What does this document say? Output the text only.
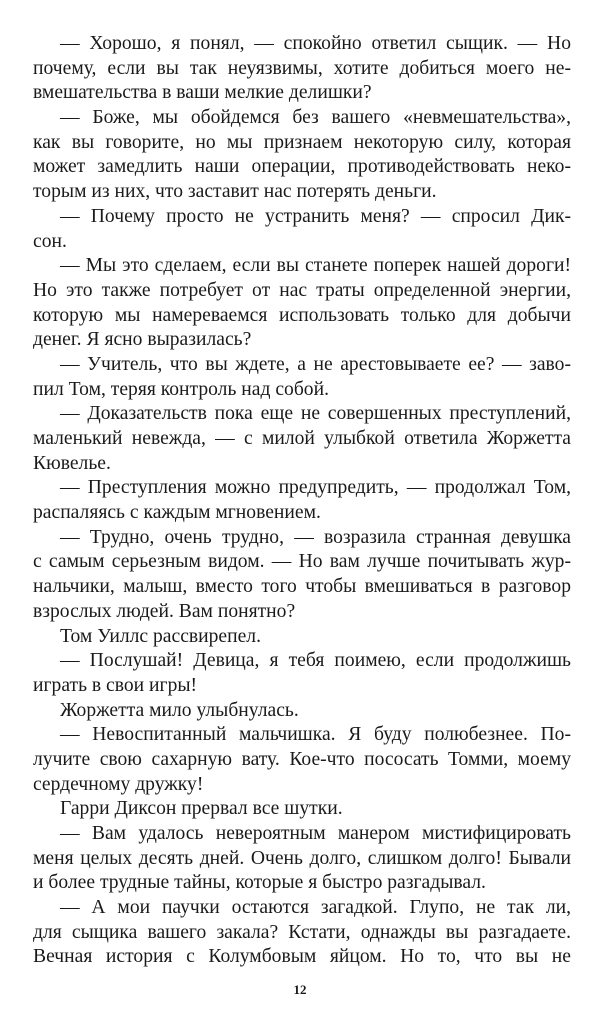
— Хорошо, я понял, — спокойно ответил сыщик. — Но
почему, если вы так неуязвимы, хотите добиться моего не-
вмешательства в ваши мелкие делишки?
— Боже, мы обойдемся без вашего «невмешательства»,
как вы говорите, но мы признаем некоторую силу, которая
может замедлить наши операции, противодействовать неко-
торым из них, что заставит нас потерять деньги.
— Почему просто не устранить меня? — спросил Дик-
сон.
— Мы это сделаем, если вы станете поперек нашей дороги!
Но это также потребует от нас траты определенной энергии,
которую мы намереваемся использовать только для добычи
денег. Я ясно выразилась?
— Учитель, что вы ждете, а не арестовываете ее? — заво-
пил Том, теряя контроль над собой.
— Доказательств пока еще не совершенных преступлений,
маленький невежда, — с милой улыбкой ответила Жоржетта
Кювелье.
— Преступления можно предупредить, — продолжал Том,
распаляясь с каждым мгновением.
— Трудно, очень трудно, — возразила странная девушка
с самым серьезным видом. — Но вам лучше почитывать жур-
нальчики, малыш, вместо того чтобы вмешиваться в разговор
взрослых людей. Вам понятно?
Том Уиллс рассвирепел.
— Послушай! Девица, я тебя поимею, если продолжишь
играть в свои игры!
Жоржетта мило улыбнулась.
— Невоспитанный мальчишка. Я буду полюбезнее. По-
лучите свою сахарную вату. Кое-что пососать Томми, моему
сердечному дружку!
Гарри Диксон прервал все шутки.
— Вам удалось невероятным манером мистифицировать
меня целых десять дней. Очень долго, слишком долго! Бывали
и более трудные тайны, которые я быстро разгадывал.
— А мои паучки остаются загадкой. Глупо, не так ли,
для сыщика вашего закала? Кстати, однажды вы разгадаете.
Вечная история с Колумбовым яйцом. Но то, что вы не
12
